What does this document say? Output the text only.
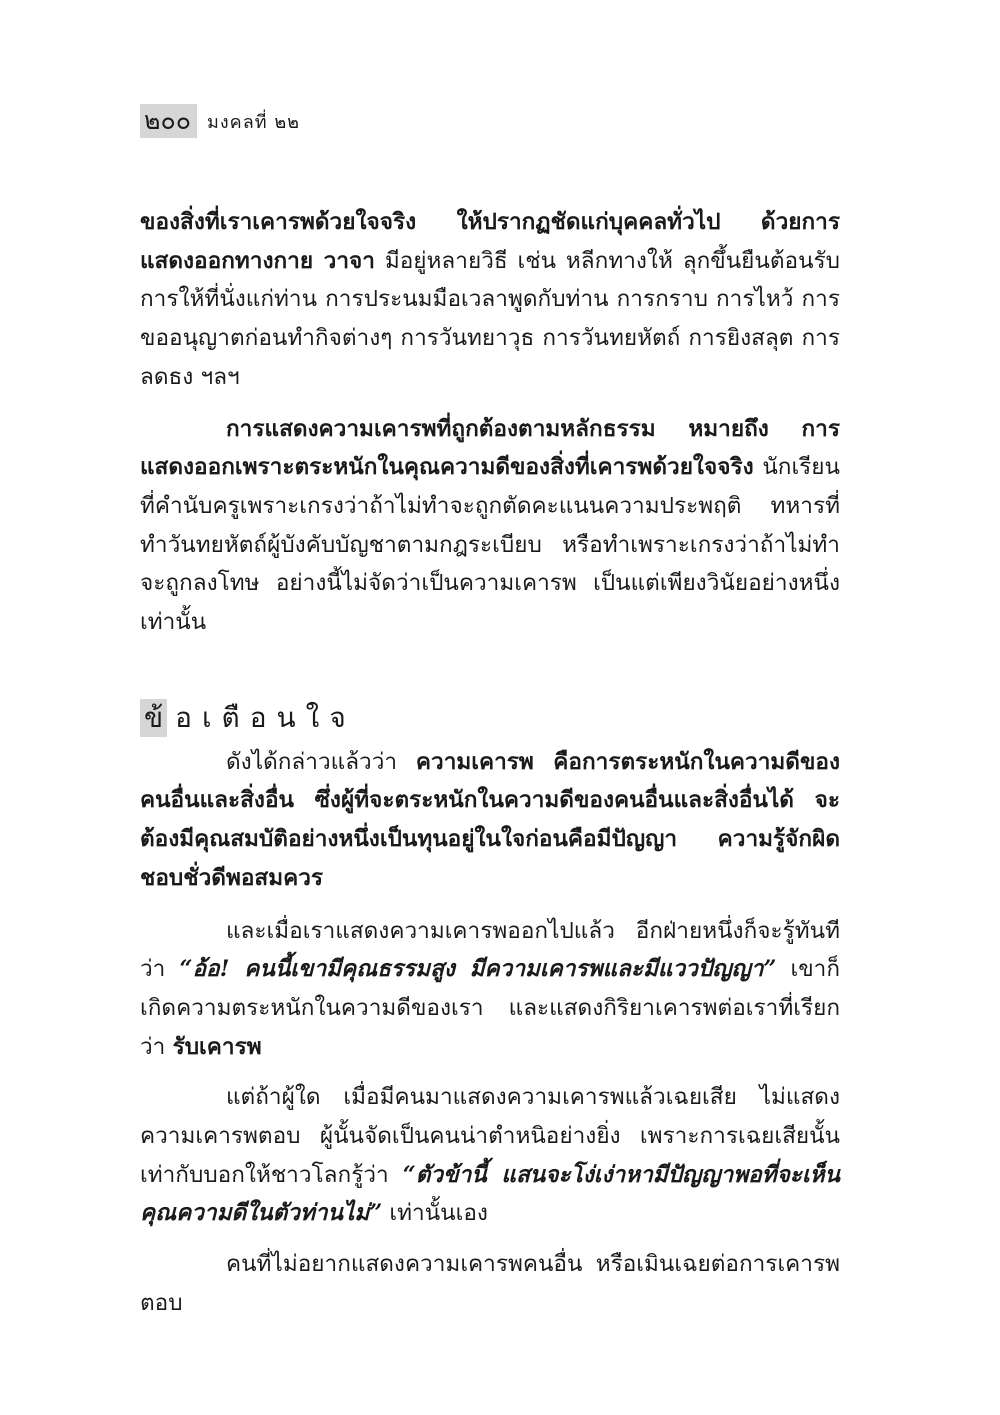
๒๐๐ มงคลที่ ๒๒

ของสิ่งที่เราเคารพด้วยใจจริง ให้ปรากฏชัดแก่บุคคลทั่วไป ด้วยการแสดงออกทางกาย วาจา มีอยู่หลายวิธี เช่น หลีกทางให้ ลุกขึ้นยืนต้อนรับ การให้ที่นั่งแก่ท่าน การประนมมือเวลาพูดกับท่าน การกราบ การไหว้ การขออนุญาตก่อนทำกิจต่างๆ การวันทยาวุธ การวันทยหัตถ์ การยิงสลุต การลดธง ฯลฯ

การแสดงความเคารพที่ถูกต้องตามหลักธรรม หมายถึง การแสดงออกเพราะตระหนักในคุณความดีของสิ่งที่เคารพด้วยใจจริง นักเรียนที่คำนับครูเพราะเกรงว่าถ้าไม่ทำจะถูกตัดคะแนนความประพฤติ ทหารที่ทำวันทยหัตถ์ผู้บังคับบัญชาตามกฎระเบียบ หรือทำเพราะเกรงว่าถ้าไม่ทำจะถูกลงโทษ อย่างนี้ไม่จัดว่าเป็นความเคารพ เป็นแต่เพียงวินัยอย่างหนึ่งเท่านั้น

ข้ อเตือนใจ

ดังได้กล่าวแล้วว่า ความเคารพ คือการตระหนักในความดีของคนอื่นและสิ่งอื่น ซึ่งผู้ที่จะตระหนักในความดีของคนอื่นและสิ่งอื่นได้ จะต้องมีคุณสมบัติอย่างหนึ่งเป็นทุนอยู่ในใจก่อนคือมีปัญญา ความรู้จักผิดชอบชั่วดีพอสมควร

และเมื่อเราแสดงความเคารพออกไปแล้ว อีกฝ่ายหนึ่งก็จะรู้ทันทีว่า “อ้อ! คนนี้เขามีคุณธรรมสูง มีความเคารพและมีแววปัญญา” เขาก็เกิดความตระหนักในความดีของเรา และแสดงกิริยาเคารพต่อเราที่เรียกว่า รับเคารพ

แต่ถ้าผู้ใด เมื่อมีคนมาแสดงความเคารพแล้วเฉยเสีย ไม่แสดงความเคารพตอบ ผู้นั้นจัดเป็นคนน่าตำหนิอย่างยิ่ง เพราะการเฉยเสียนั้นเท่ากับบอกให้ชาวโลกรู้ว่า “ตัวข้านี้ แสนจะโง่เง่าหามีปัญญาพอที่จะเห็นคุณความดีในตัวท่านไม่” เท่านั้นเอง

คนที่ไม่อยากแสดงความเคารพคนอื่น หรือเมินเฉยต่อการเคารพตอบ
